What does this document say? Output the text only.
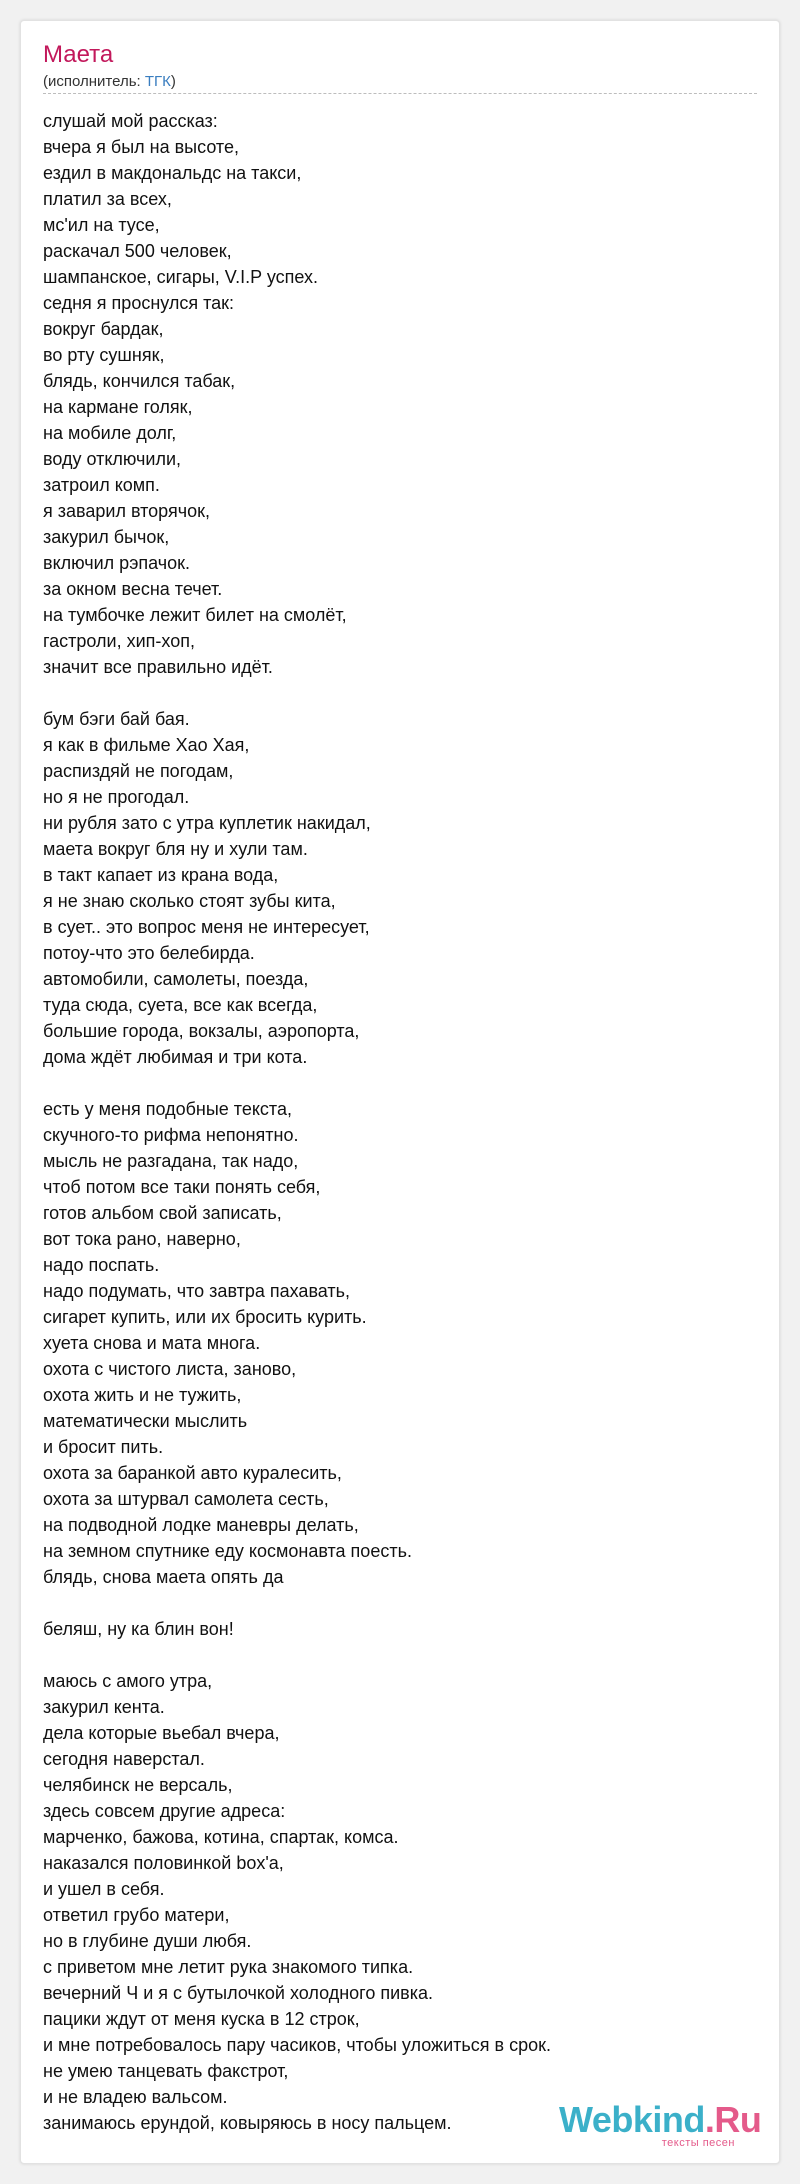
Маета
(исполнитель: ТГК)
слушай мой рассказ:
вчера я был на высоте,
ездил в макдональдс на такси,
платил за всех,
мс'ил на тусе,
раскачал 500 человек,
шампанское, сигары, V.I.P успех.
седня я проснулся так:
вокруг бардак,
во рту сушняк,
блядь, кончился табак,
на кармане голяк,
на мобиле долг,
воду отключили,
затроил комп.
я заварил вторячок,
закурил бычок,
включил рэпачок.
за окном весна течет.
на тумбочке лежит билет на смолёт,
гастроли, хип-хоп,
значит все правильно идёт.
бум бэги бай бая.
я как в фильме Хао Хая,
распиздяй не погодам,
но я не прогодал.
ни рубля зато с утра куплетик накидал,
маета вокруг бля ну и хули там.
в такт капает из крана вода,
я не знаю сколько стоят зубы кита,
в сует.. это вопрос меня не интересует,
потоу-что это белебирда.
автомобили, самолеты, поезда,
туда сюда, суета, все как всегда,
большие города, вокзалы, аэропорта,
дома ждёт любимая и три кота.
есть у меня подобные текста,
скучного-то рифма непонятно.
мысль не разгадана, так надо,
чтоб потом все таки понять себя,
готов альбом свой записать,
вот тока рано, наверно,
надо поспать.
надо подумать, что завтра пахавать,
сигарет купить, или их бросить курить.
хуета снова и мата многа.
охота с чистого листа, заново,
охота жить и не тужить,
математически мыслить
и бросит пить.
охота за баранкой авто куралесить,
охота за штурвал самолета сесть,
на подводной лодке маневры делать,
на земном спутнике еду космонавта поесть.
блядь, снова маета опять да
беляш, ну ка блин вон!
маюсь с амого утра,
закурил кента.
дела которые вьебал вчера,
сегодня наверстал.
челябинск не версаль,
здесь совсем другие адреса:
марченко, бажова, котина, спартак, комса.
наказался половинкой box'a,
и ушел в себя.
ответил грубо матери,
но в глубине души любя.
с приветом мне летит рука знакомого типка.
вечерний Ч и я с бутылочкой холодного пивка.
пацики ждут от меня куска в 12 строк,
и мне потребовалось пару часиков, чтобы уложиться в срок.
не умею танцевать факстрот,
и не владею вальсом.
занимаюсь ерундой, ковыряюсь в носу пальцем.	Webkind.Ru
тексты песен
